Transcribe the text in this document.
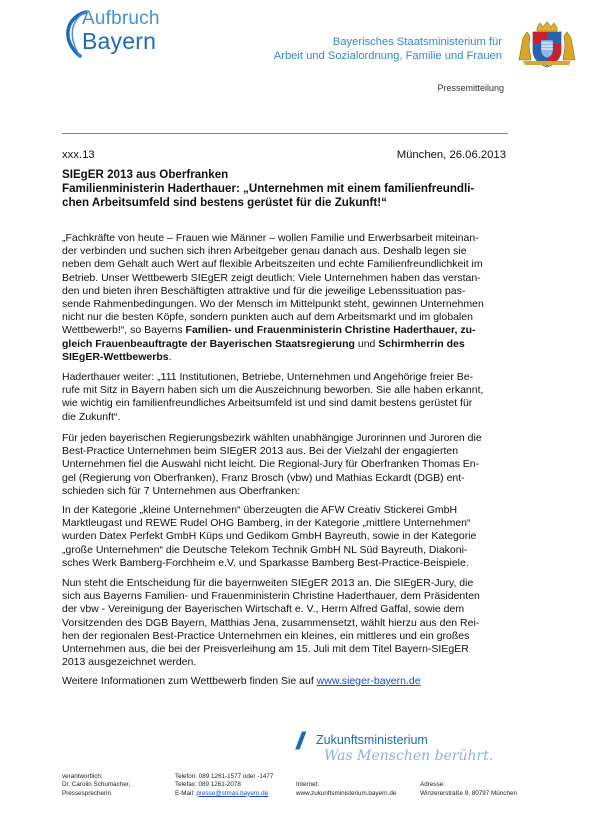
Aufbruch
Bayern	Bayerisches Staatsministerium für
Arbeit und Sozialordnung, Familie und Frauen
Pressemitteilung
xxx.13	München, 26.06.2013
SIEgER 2013 aus Oberfranken
Familienministerin Haderthauer: „Unternehmen mit einem familienfreundli-
chen Arbeitsumfeld sind bestens gerüstet für die Zukunft!“
„Fachkräfte von heute – Frauen wie Männer – wollen Familie und Erwerbsarbeit miteinan-
der verbinden und suchen sich ihren Arbeitgeber genau danach aus. Deshalb legen sie
neben dem Gehalt auch Wert auf flexible Arbeitszeiten und echte Familienfreundlichkeit im
Betrieb. Unser Wettbewerb SIEgER zeigt deutlich: Viele Unternehmen haben das verstan-
den und bieten ihren Beschäftigten attraktive und für die jeweilige Lebenssituation pas-
sende Rahmenbedingungen. Wo der Mensch im Mittelpunkt steht, gewinnen Unternehmen
nicht nur die besten Köpfe, sondern punkten auch auf dem Arbeitsmarkt und im globalen
Wettbewerb!“, so Bayerns Familien- und Frauenministerin Christine Haderthauer, zu-
gleich Frauenbeauftragte der Bayerischen Staatsregierung und Schirmherrin des
SIEgER-Wettbewerbs.
Haderthauer weiter: „111 Institutionen, Betriebe, Unternehmen und Angehörige freier Be-
rufe mit Sitz in Bayern haben sich um die Auszeichnung beworben. Sie alle haben erkannt,
wie wichtig ein familienfreundliches Arbeitsumfeld ist und sind damit bestens gerüstet für
die Zukunft“.
Für jeden bayerischen Regierungsbezirk wählten unabhängige Jurorinnen und Juroren die
Best-Practice Unternehmen beim SIEgER 2013 aus. Bei der Vielzahl der engagierten
Unternehmen fiel die Auswahl nicht leicht. Die Regional-Jury für Oberfranken Thomas En-
gel (Regierung von Oberfranken), Franz Brosch (vbw) und Mathias Eckardt (DGB) ent-
schieden sich für 7 Unternehmen aus Oberfranken:
In der Kategorie „kleine Unternehmen“ überzeugten die AFW Creativ Stickerei GmbH
Marktleugast und REWE Rudel OHG Bamberg, in der Kategorie „mittlere Unternehmen“
wurden Datex Perfekt GmbH Küps und Gedikom GmbH Bayreuth, sowie in der Kategorie
„große Unternehmen“ die Deutsche Telekom Technik GmbH NL Süd Bayreuth, Diakoni-
sches Werk Bamberg-Forchheim e.V. und Sparkasse Bamberg Best-Practice-Beispiele.
Nun steht die Entscheidung für die bayernweiten SIEgER 2013 an. Die SIEgER-Jury, die
sich aus Bayerns Familien- und Frauenministerin Christine Haderthauer, dem Präsidenten
der vbw - Vereinigung der Bayerischen Wirtschaft e. V., Herrn Alfred Gaffal, sowie dem
Vorsitzenden des DGB Bayern, Matthias Jena, zusammensetzt, wählt hierzu aus den Rei-
hen der regionalen Best-Practice Unternehmen ein kleines, ein mittleres und ein großes
Unternehmen aus, die bei der Preisverleihung am 15. Juli mit dem Titel Bayern-SIEgER
2013 ausgezeichnet werden.
Weitere Informationen zum Wettbewerb finden Sie auf www.sieger-bayern.de
// Zukunftsministerium
Was Menschen berührt.
verantwortlich:
Dr. Carolin Schumacher,
Pressesprecherin
Telefon: 089 1261-1577 oder -1477
Telefax: 089 1261-2078
E-Mail: presse@stmas.bayern.de

Internet:
www.zukunftsministerium.bayern.de

Adresse:
Winzererstraße 9, 80797 München
